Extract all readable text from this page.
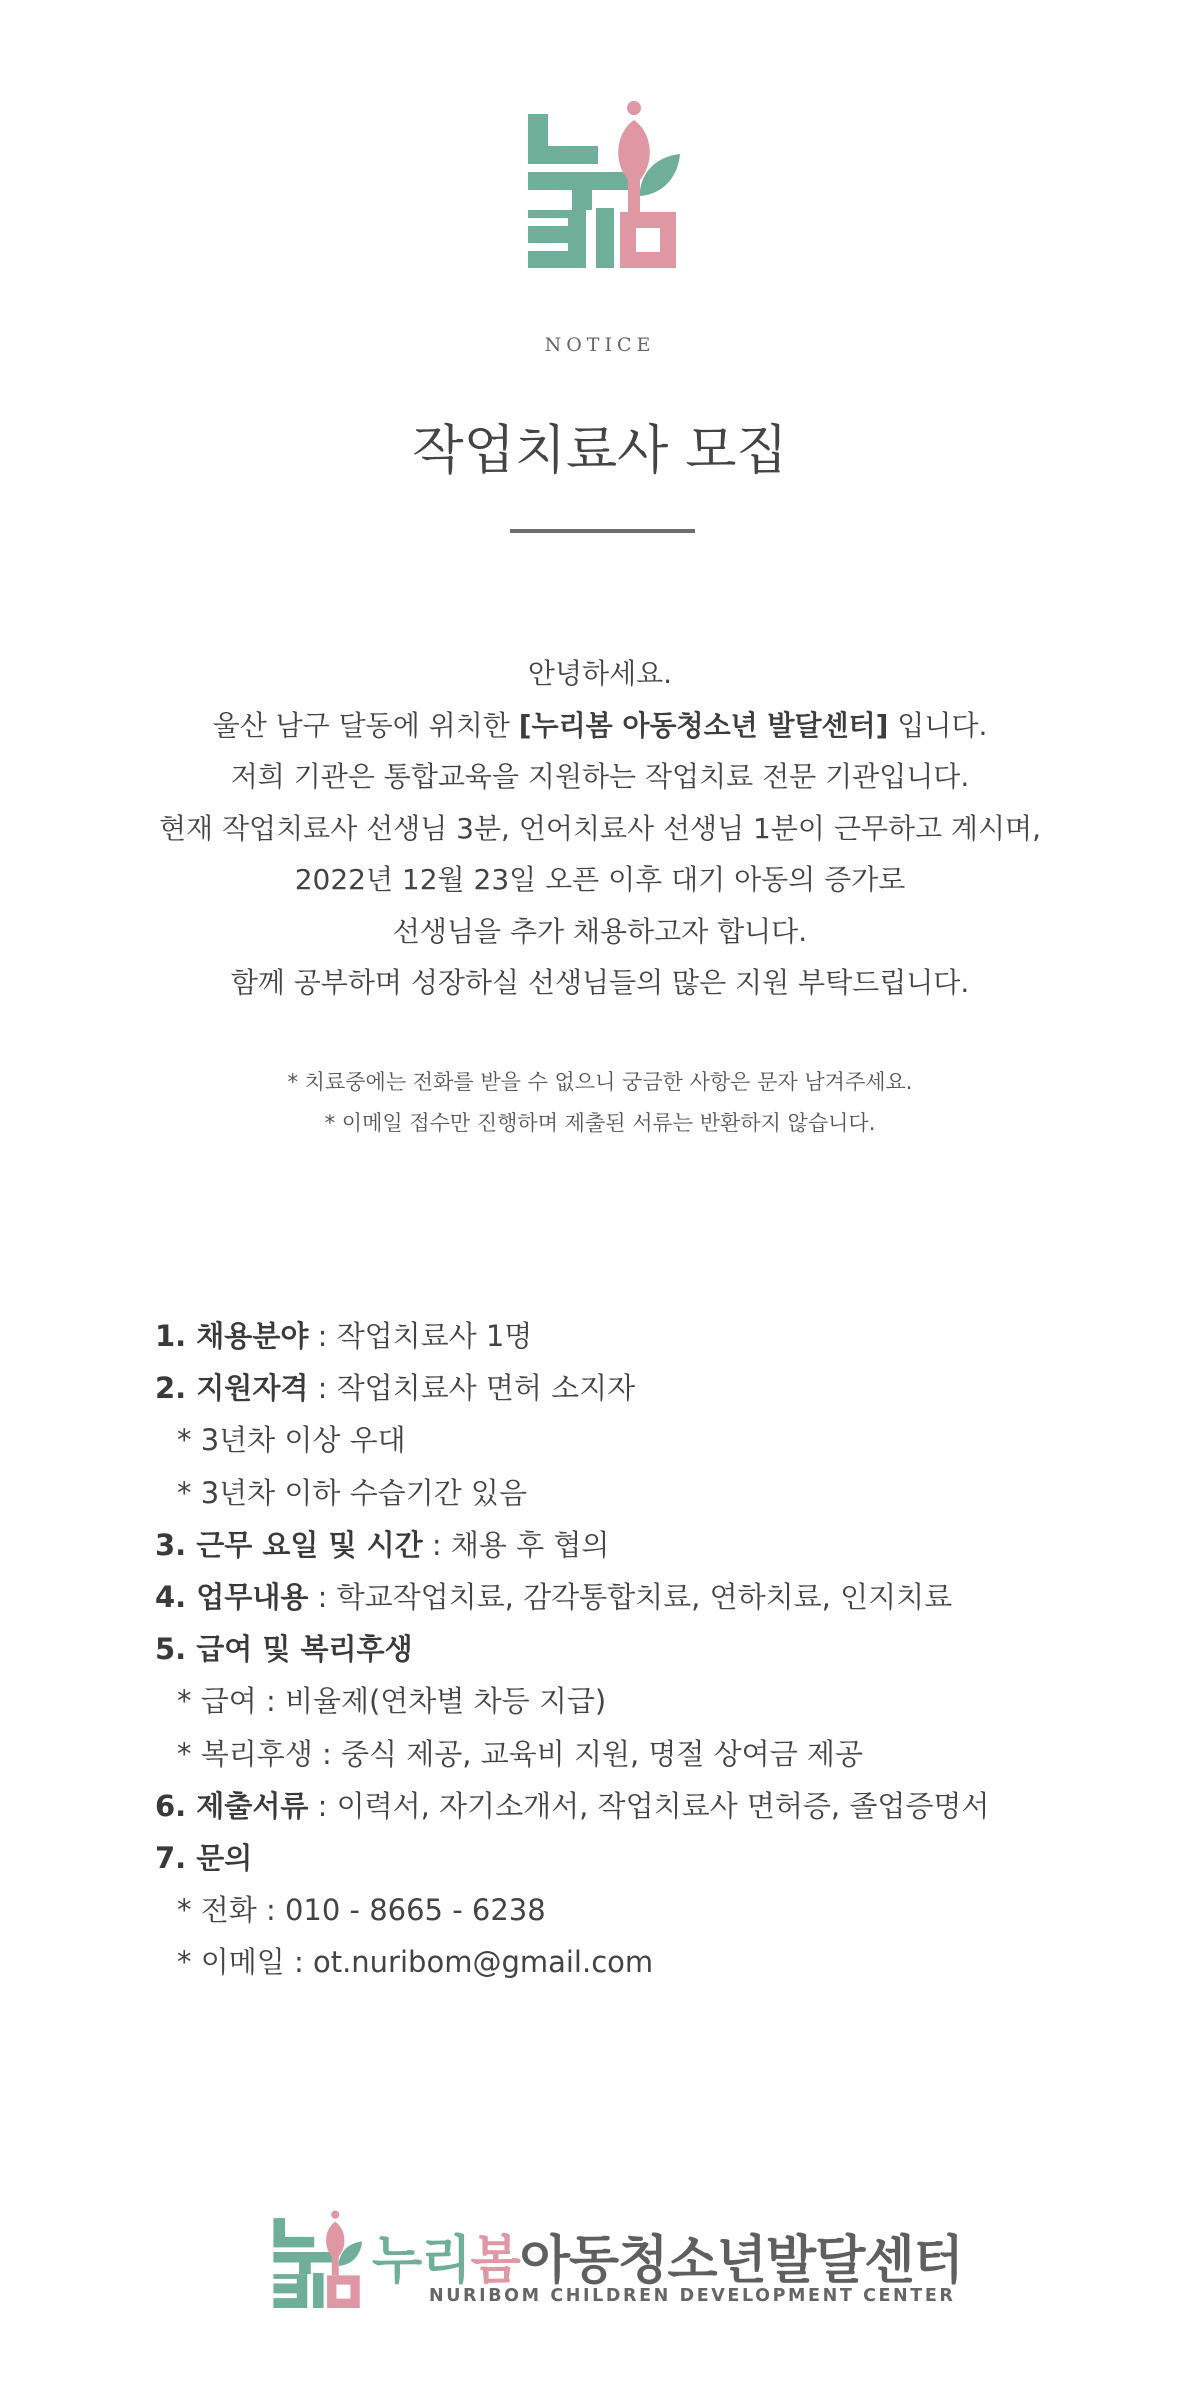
NOTICE
작업치료사 모집
안녕하세요.
울산 남구 달동에 위치한 [누리봄 아동청소년 발달센터] 입니다.
저희 기관은 통합교육을 지원하는 작업치료 전문 기관입니다.
현재 작업치료사 선생님 3분, 언어치료사 선생님 1분이 근무하고 계시며,
2022년 12월 23일 오픈 이후 대기 아동의 증가로
선생님을 추가 채용하고자 합니다.
함께 공부하며 성장하실 선생님들의 많은 지원 부탁드립니다.
* 치료중에는 전화를 받을 수 없으니 궁금한 사항은 문자 남겨주세요.
* 이메일 접수만 진행하며 제출된 서류는 반환하지 않습니다.
1. 채용분야 : 작업치료사 1명
2. 지원자격 : 작업치료사 면허 소지자
* 3년차 이상 우대
* 3년차 이하 수습기간 있음
3. 근무 요일 및 시간 : 채용 후 협의
4. 업무내용 : 학교작업치료, 감각통합치료, 연하치료, 인지치료
5. 급여 및 복리후생
* 급여 : 비율제(연차별 차등 지급)
* 복리후생 : 중식 제공, 교육비 지원, 명절 상여금 제공
6. 제출서류 : 이력서, 자기소개서, 작업치료사 면허증, 졸업증명서
7. 문의
* 전화 : 010 - 8665 - 6238
* 이메일 : ot.nuribom@gmail.com
누리봄아동청소년발달센터
NURIBOM CHILDREN DEVELOPMENT CENTER
